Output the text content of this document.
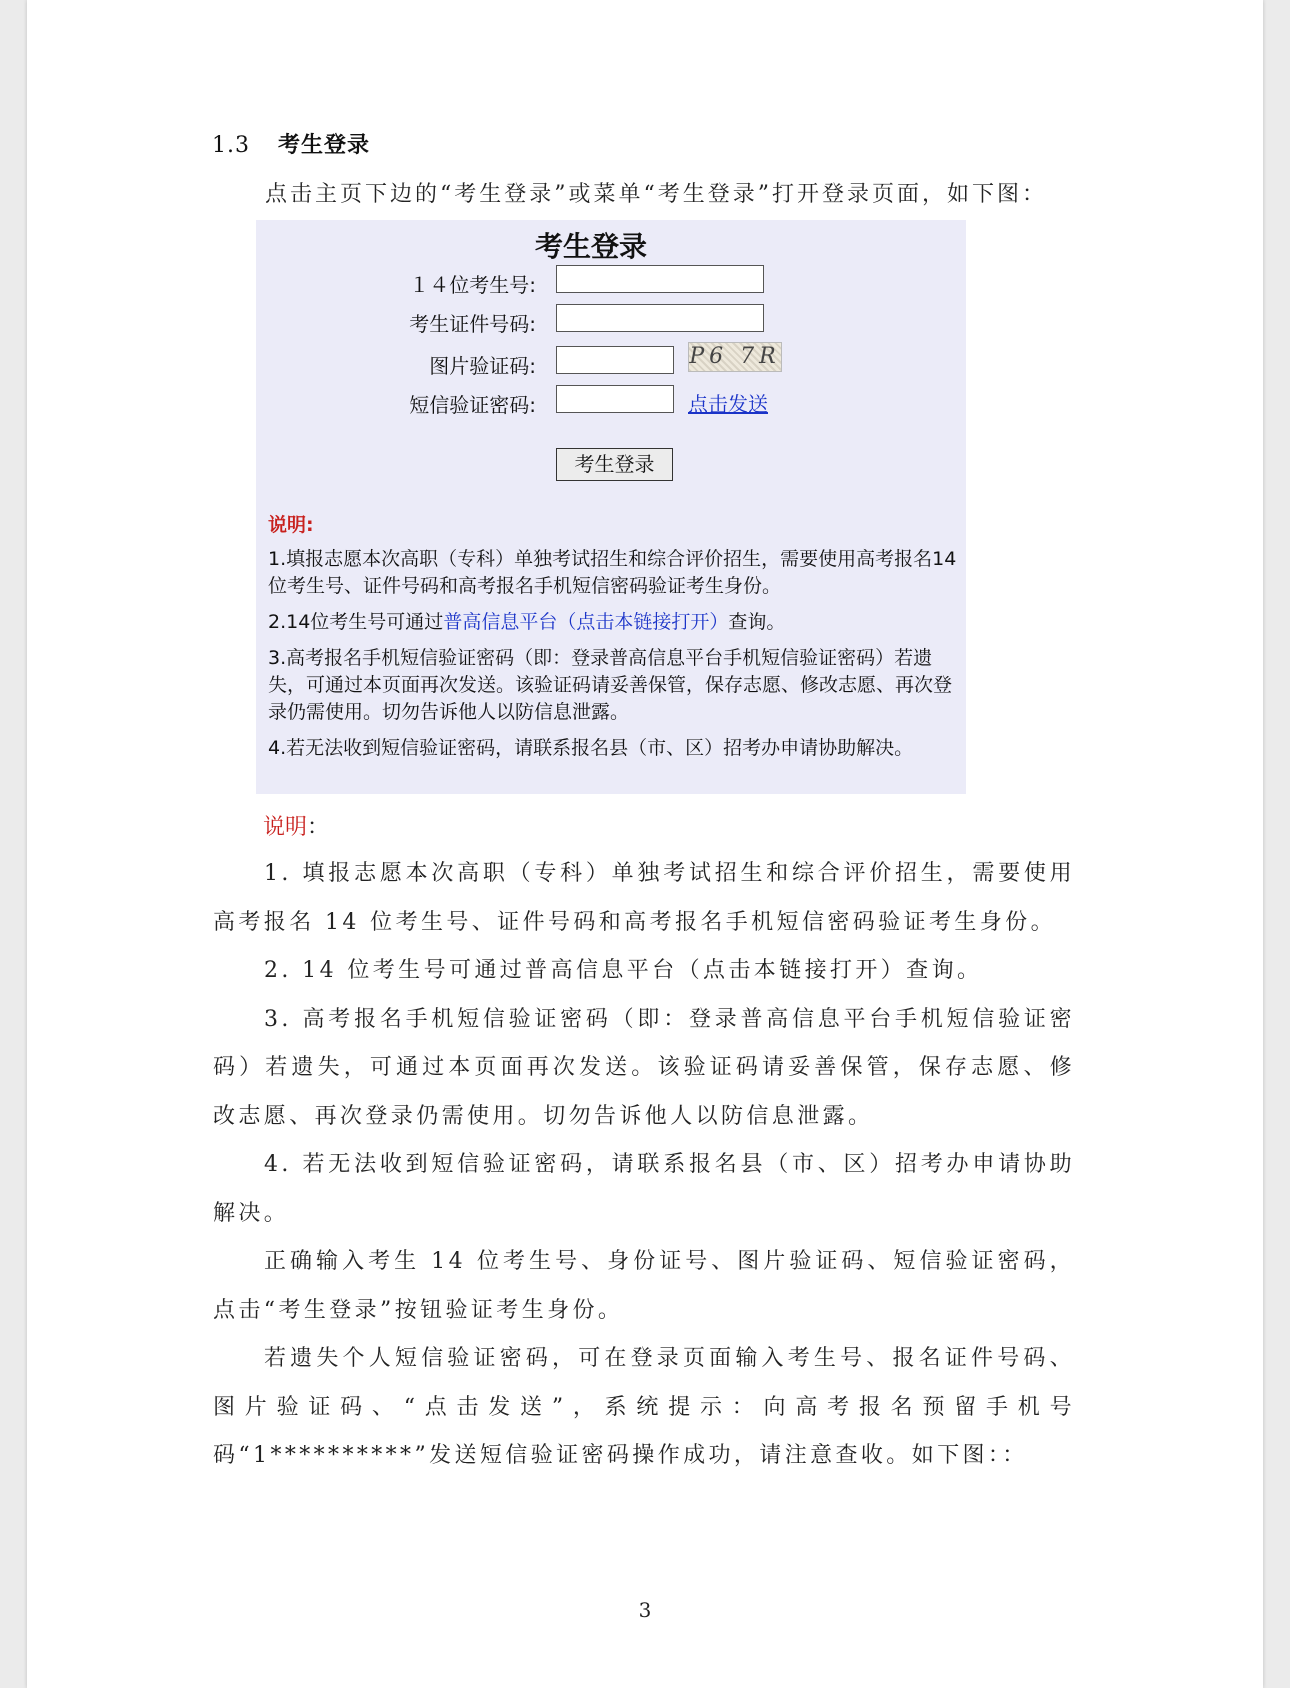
1.3 考生登录
点击主页下边的“考生登录”或菜单“考生登录”打开登录页面，如下图：
考生登录
１４位考生号:
考生证件号码:
图片验证码:	P6 7R
短信验证密码:	点击发送
考生登录
说明:

1.填报志愿本次高职（专科）单独考试招生和综合评价招生，需要使用高考报名14位考生号、证件号码和高考报名手机短信密码验证考生身份。

2.14位考生号可通过普高信息平台（点击本链接打开）查询。

3.高考报名手机短信验证密码（即：登录普高信息平台手机短信验证密码）若遗失，可通过本页面再次发送。该验证码请妥善保管，保存志愿、修改志愿、再次登录仍需使用。切勿告诉他人以防信息泄露。

4.若无法收到短信验证密码，请联系报名县（市、区）招考办申请协助解决。

说明：

1. 填报志愿本次高职（专科）单独考试招生和综合评价招生，需要使用高考报名 14 位考生号、证件号码和高考报名手机短信密码验证考生身份。

2. 14 位考生号可通过普高信息平台（点击本链接打开）查询。

3. 高考报名手机短信验证密码（即：登录普高信息平台手机短信验证密码）若遗失，可通过本页面再次发送。该验证码请妥善保管，保存志愿、修改志愿、再次登录仍需使用。切勿告诉他人以防信息泄露。

4. 若无法收到短信验证密码，请联系报名县（市、区）招考办申请协助解决。

正确输入考生 14 位考生号、身份证号、图片验证码、短信验证密码，点击“考生登录”按钮验证考生身份。

若遗失个人短信验证密码，可在登录页面输入考生号、报名证件号码、图片验证码、“点击发送”，系统提示：向高考报名预留手机号码“1**********”发送短信验证密码操作成功，请注意查收。如下图：：

3
